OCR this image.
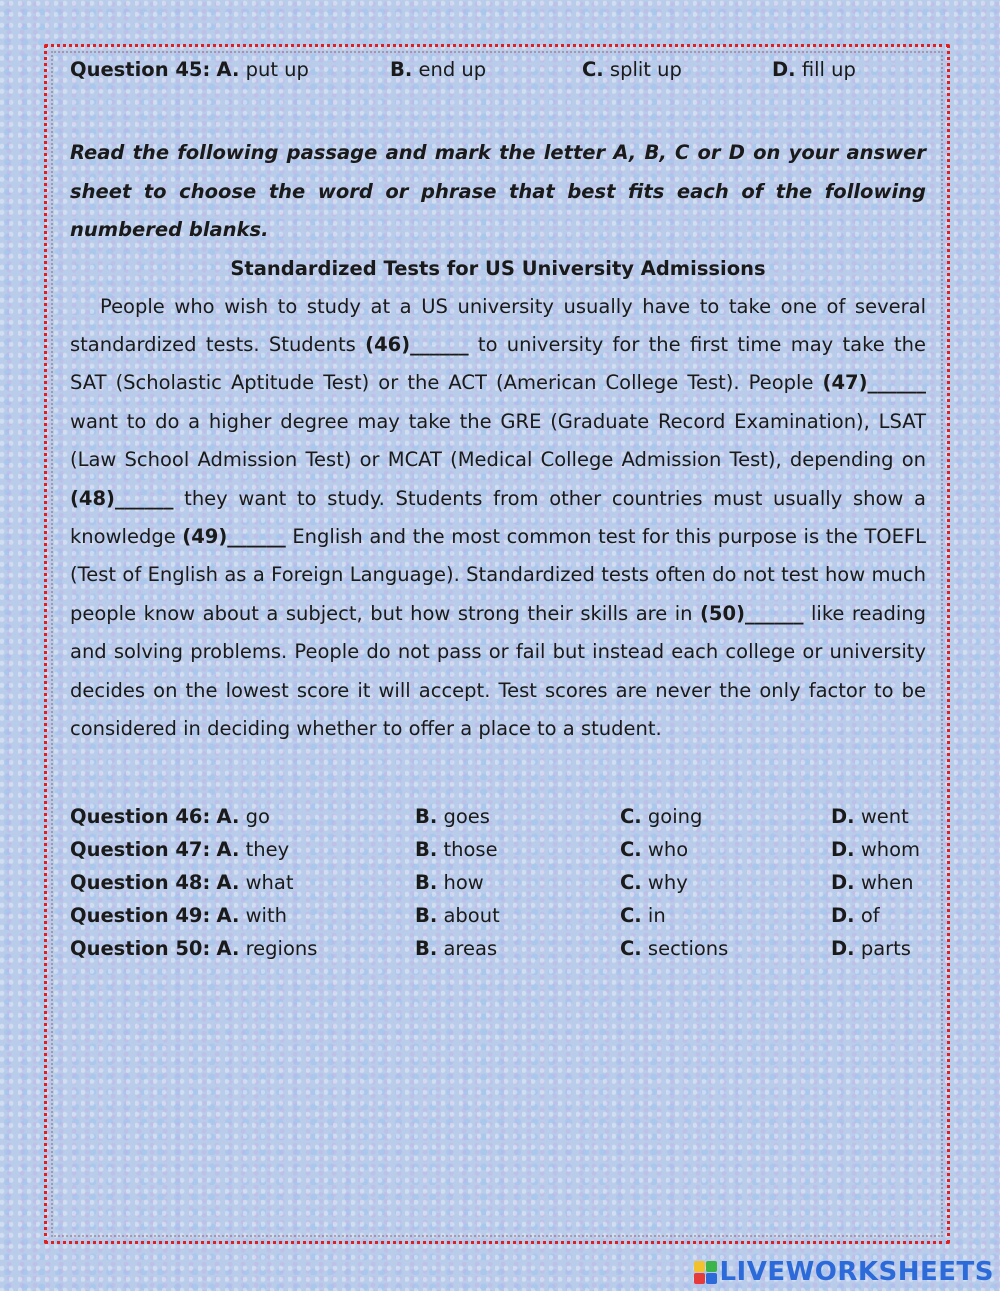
Question 45: A. put up	B. end up	C. split up	D. fill up

Read the following passage and mark the letter A, B, C or D on your answer sheet to choose the word or phrase that best fits each of the following numbered blanks.

Standardized Tests for US University Admissions

People who wish to study at a US university usually have to take one of several standardized tests. Students (46)______ to university for the first time may take the SAT (Scholastic Aptitude Test) or the ACT (American College Test). People (47)______ want to do a higher degree may take the GRE (Graduate Record Examination), LSAT (Law School Admission Test) or MCAT (Medical College Admission Test), depending on (48)______ they want to study. Students from other countries must usually show a knowledge (49)______ English and the most common test for this purpose is the TOEFL (Test of English as a Foreign Language). Standardized tests often do not test how much people know about a subject, but how strong their skills are in (50)______ like reading and solving problems. People do not pass or fail but instead each college or university decides on the lowest score it will accept. Test scores are never the only factor to be considered in deciding whether to offer a place to a student.

Question 46: A. go	B. goes	C. going	D. went
Question 47: A. they	B. those	C. who	D. whom
Question 48: A. what	B. how	C. why	D. when
Question 49: A. with	B. about	C. in	D. of
Question 50: A. regions	B. areas	C. sections	D. parts
LIVEWORKSHEETS
